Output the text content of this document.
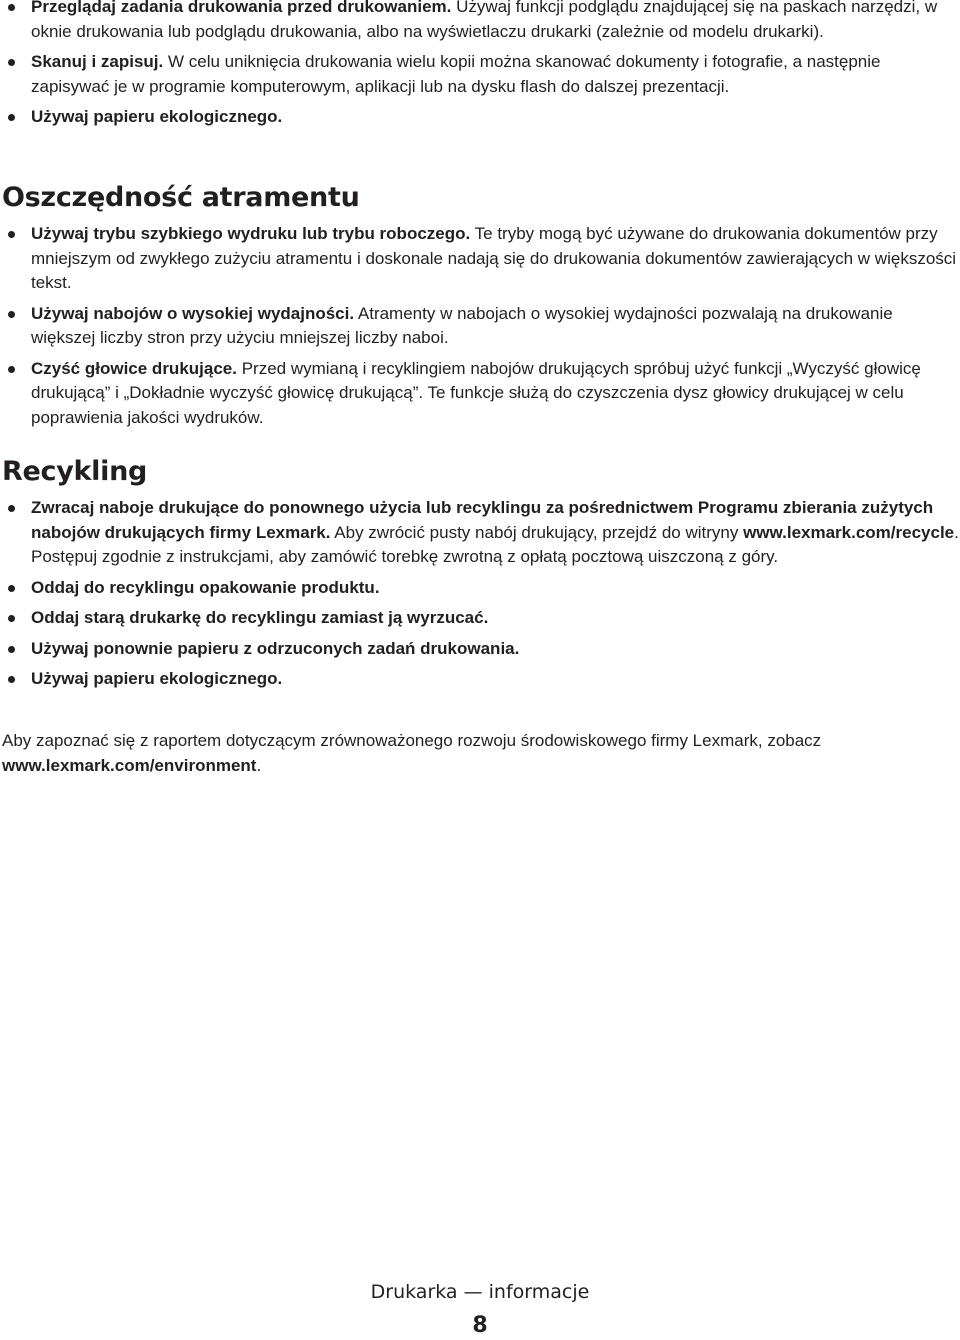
Przeglądaj zadania drukowania przed drukowaniem. Używaj funkcji podglądu znajdującej się na paskach narzędzi, w oknie drukowania lub podglądu drukowania, albo na wyświetlaczu drukarki (zależnie od modelu drukarki).
Skanuj i zapisuj. W celu uniknięcia drukowania wielu kopii można skanować dokumenty i fotografie, a następnie zapisywać je w programie komputerowym, aplikacji lub na dysku flash do dalszej prezentacji.
Używaj papieru ekologicznego.
Oszczędność atramentu
Używaj trybu szybkiego wydruku lub trybu roboczego. Te tryby mogą być używane do drukowania dokumentów przy mniejszym od zwykłego zużyciu atramentu i doskonale nadają się do drukowania dokumentów zawierających w większości tekst.
Używaj nabojów o wysokiej wydajności. Atramenty w nabojach o wysokiej wydajności pozwalają na drukowanie większej liczby stron przy użyciu mniejszej liczby naboi.
Czyść głowice drukujące. Przed wymianą i recyklingiem nabojów drukujących spróbuj użyć funkcji „Wyczyść głowicę drukującą” i „Dokładnie wyczyść głowicę drukującą”. Te funkcje służą do czyszczenia dysz głowicy drukującej w celu poprawienia jakości wydruków.
Recykling
Zwracaj naboje drukujące do ponownego użycia lub recyklingu za pośrednictwem Programu zbierania zużytych nabojów drukujących firmy Lexmark. Aby zwrócić pusty nabój drukujący, przejdź do witryny www.lexmark.com/recycle. Postępuj zgodnie z instrukcjami, aby zamówić torebkę zwrotną z opłatą pocztową uiszczoną z góry.
Oddaj do recyklingu opakowanie produktu.
Oddaj starą drukarkę do recyklingu zamiast ją wyrzucać.
Używaj ponownie papieru z odrzuconych zadań drukowania.
Używaj papieru ekologicznego.

Aby zapoznać się z raportem dotyczącym zrównoważonego rozwoju środowiskowego firmy Lexmark, zobacz www.lexmark.com/environment.

Drukarka — informacje
8
